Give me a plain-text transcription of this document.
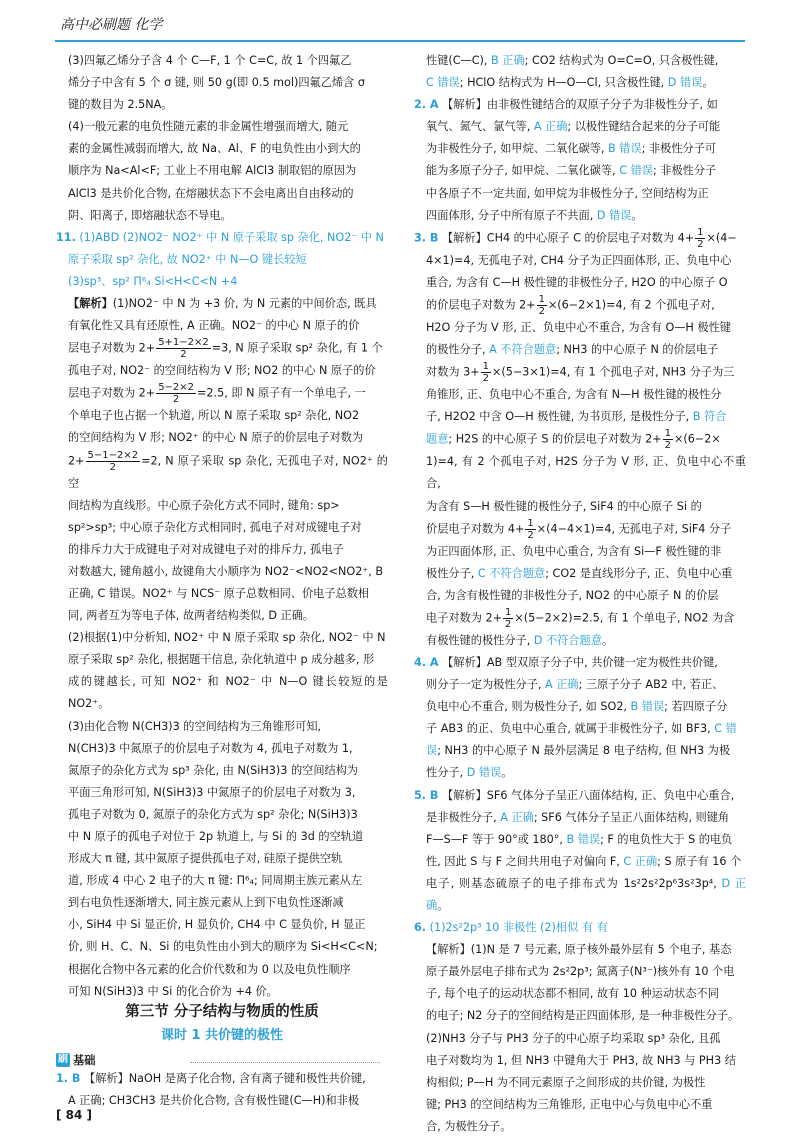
高中必刷题 化学

(3)四氟乙烯分子含 4 个 C—F, 1 个 C=C, 故 1 个四氟乙

烯分子中含有 5 个 σ 键, 则 50 g(即 0.5 mol)四氟乙烯含 σ

键的数目为 2.5NA。

(4)一般元素的电负性随元素的非金属性增强而增大, 随元

素的金属性减弱而增大, 故 Na、Al、F 的电负性由小到大的

顺序为 Na<Al<F; 工业上不用电解 AlCl3 制取铝的原因为

AlCl3 是共价化合物, 在熔融状态下不会电离出自由移动的

阴、阳离子, 即熔融状态不导电。

11. (1)ABD (2)NO2⁻ NO2⁺ 中 N 原子采取 sp 杂化, NO2⁻ 中 N

原子采取 sp² 杂化, 故 NO2⁺ 中 N—O 键长较短

(3)sp³、sp² Π⁶₄ Si<H<C<N +4

【解析】(1)NO2⁻ 中 N 为 +3 价, 为 N 元素的中间价态, 既具

有氧化性又具有还原性, A 正确。NO2⁻ 的中心 N 原子的价

层电子对数为 $2+ \frac{5+1-2\times 2}{2} =3$, N 原子采取 sp² 杂化, 有 1 个

孤电子对, NO2⁻ 的空间结构为 V 形; NO2 的中心 N 原子的价

层电子对数为 $2+ \frac{5-2\times 2}{2} =2.5$, 即 N 原子有一个单电子, 一

个单电子也占据一个轨道, 所以 N 原子采取 sp² 杂化, NO2

的空间结构为 V 形; NO2⁺ 的中心 N 原子的价层电子对数为

$2+ \frac{5-1-2\times 2}{2} =2$, N 原子采取 sp 杂化, 无孤电子对, NO2⁺ 的空

间结构为直线形。中心原子杂化方式不同时, 键角: sp>

sp²>sp³; 中心原子杂化方式相同时, 孤电子对对成键电子对

的排斥力大于成键电子对对成键电子对的排斥力, 孤电子

对数越大, 键角越小, 故键角大小顺序为 NO2⁻<NO2<NO2⁺, B

正确, C 错误。NO2⁺ 与 NCS⁻ 原子总数相同、价电子总数相

同, 两者互为等电子体, 故两者结构类似, D 正确。

(2)根据(1)中分析知, NO2⁺ 中 N 原子采取 sp 杂化, NO2⁻ 中 N

原子采取 sp² 杂化, 根据题干信息, 杂化轨道中 p 成分越多, 形

成的键越长, 可知 NO2⁺ 和 NO2⁻ 中 N—O 键长较短的是 NO2⁺。

(3)由化合物 N(CH3)3 的空间结构为三角锥形可知,

N(CH3)3 中氮原子的价层电子对数为 4, 孤电子对数为 1,

氮原子的杂化方式为 sp³ 杂化, 由 N(SiH3)3 的空间结构为

平面三角形可知, N(SiH3)3 中氮原子的价层电子对数为 3,

孤电子对数为 0, 氮原子的杂化方式为 sp² 杂化; N(SiH3)3

中 N 原子的孤电子对位于 2p 轨道上, 与 Si 的 3d 的空轨道

形成大 π 键, 其中氮原子提供孤电子对, 硅原子提供空轨

道, 形成 4 中心 2 电子的大 π 键: Π⁶₄; 同周期主族元素从左

到右电负性逐渐增大, 同主族元素从上到下电负性逐渐减

小, SiH4 中 Si 显正价, H 显负价, CH4 中 C 显负价, H 显正

价, 则 H、C、N、Si 的电负性由小到大的顺序为 Si<H<C<N;

根据化合物中各元素的化合价代数和为 0 以及电负性顺序

可知 N(SiH3)3 中 Si 的化合价为 +4 价。

第三节 分子结构与物质的性质
课时 1 共价键的极性
刷 基础

1. B 【解析】NaOH 是离子化合物, 含有离子键和极性共价键,

A 正确; CH3CH3 是共价化合物, 含有极性键(C—H)和非极

性键(C—C), B 正确; CO2 结构式为 O=C=O, 只含极性键,

C 错误; HClO 结构式为 H—O—Cl, 只含极性键, D 错误。

2. A 【解析】由非极性键结合的双原子分子为非极性分子, 如

氧气、氮气、氯气等, A 正确; 以极性键结合起来的分子可能

为非极性分子, 如甲烷、二氧化碳等, B 错误; 非极性分子可

能为多原子分子, 如甲烷、二氧化碳等, C 错误; 非极性分子

中各原子不一定共面, 如甲烷为非极性分子, 空间结构为正

四面体形, 分子中所有原子不共面, D 错误。

3. B 【解析】CH4 的中心原子 C 的价层电子对数为 $4+ \frac{1}{2} \times(4-$

4×1)=4, 无孤电子对, CH4 分子为正四面体形, 正、负电中心

重合, 为含有 C—H 极性键的非极性分子, H2O 的中心原子 O

的价层电子对数为 $2+ \frac{1}{2} \times(6-2\times 1)=4$, 有 2 个孤电子对,

H2O 分子为 V 形, 正、负电中心不重合, 为含有 O—H 极性键

的极性分子, A 不符合题意; NH3 的中心原子 N 的价层电子

对数为 $3+ \frac{1}{2} \times(5-3\times 1)=4$, 有 1 个孤电子对, NH3 分子为三

角锥形, 正、负电中心不重合, 为含有 N—H 极性键的极性分

子, H2O2 中含 O—H 极性键, 为书页形, 是极性分子, B 符合

题意; H2S 的中心原子 S 的价层电子对数为 $2+ \frac{1}{2} \times(6-2\times$

1)=4, 有 2 个孤电子对, H2S 分子为 V 形, 正、负电中心不重合,

为含有 S—H 极性键的极性分子, SiF4 的中心原子 Si 的

价层电子对数为 $4+ \frac{1}{2} \times(4-4\times 1)=4$, 无孤电子对, SiF4 分子

为正四面体形, 正、负电中心重合, 为含有 Si—F 极性键的非

极性分子, C 不符合题意; CO2 是直线形分子, 正、负电中心重

合, 为含有极性键的非极性分子, NO2 的中心原子 N 的价层

电子对数为 $2+ \frac{1}{2} \times(5-2\times 2)=2.5$, 有 1 个单电子, NO2 为含

有极性键的极性分子, D 不符合题意。

4. A 【解析】AB 型双原子分子中, 共价键一定为极性共价键,

则分子一定为极性分子, A 正确; 三原子分子 AB2 中, 若正、

负电中心不重合, 则为极性分子, 如 SO2, B 错误; 若四原子分

子 AB3 的正、负电中心重合, 就属于非极性分子, 如 BF3, C 错

误; NH3 的中心原子 N 最外层满足 8 电子结构, 但 NH3 为极

性分子, D 错误。

5. B 【解析】SF6 气体分子呈正八面体结构, 正、负电中心重合,

是非极性分子, A 正确; SF6 气体分子呈正八面体结构, 则键角

F—S—F 等于 90°或 180°, B 错误; F 的电负性大于 S 的电负

性, 因此 S 与 F 之间共用电子对偏向 F, C 正确; S 原子有 16 个

电子, 则基态硫原子的电子排布式为 1s²2s²2p⁶3s²3p⁴, D 正确。

6. (1)2s²2p³ 10 非极性 (2)相似 有 有

【解析】(1)N 是 7 号元素, 原子核外最外层有 5 个电子, 基态

原子最外层电子排布式为 2s²2p³; 氮离子(N³⁻)核外有 10 个电

子, 每个电子的运动状态都不相同, 故有 10 种运动状态不同

的电子; N2 分子的空间结构是正四面体形, 是一种非极性分子。

(2)NH3 分子与 PH3 分子的中心原子均采取 sp³ 杂化, 且孤

电子对数均为 1, 但 NH3 中键角大于 PH3, 故 NH3 与 PH3 结

构相似; P—H 为不同元素原子之间形成的共价键, 为极性

键; PH3 的空间结构为三角锥形, 正电中心与负电中心不重

合, 为极性分子。

[ 84 ]
